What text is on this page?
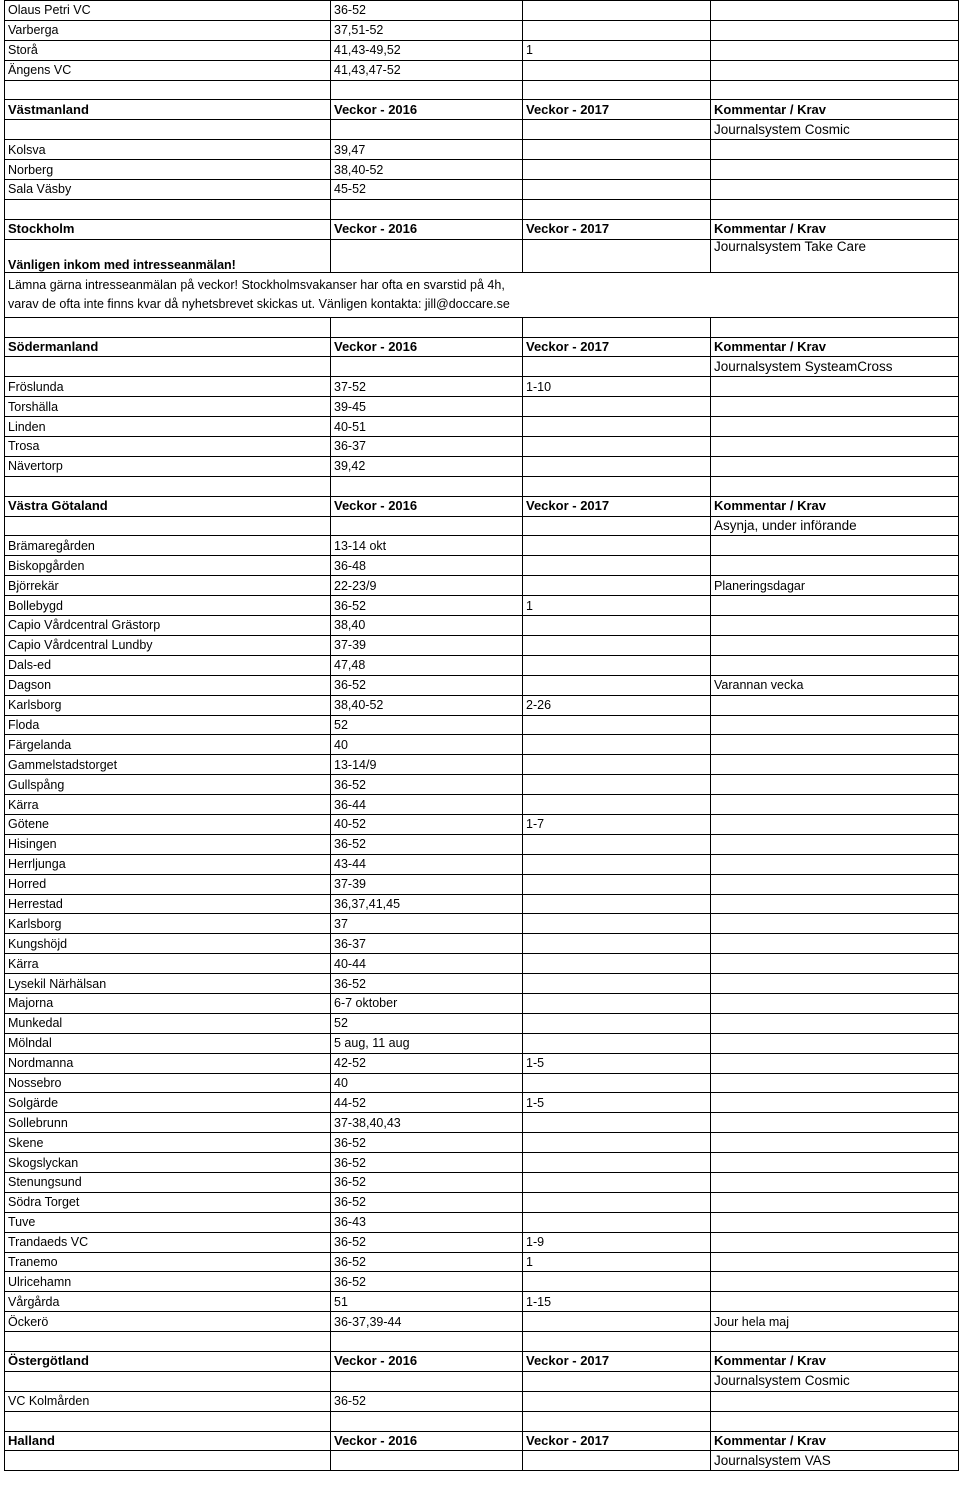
Olaus Petri VC	36-52		
Varberga	37,51-52		
Storå	41,43-49,52	1	
Ängens VC	41,43,47-52		

Västmanland	Veckor - 2016	Veckor - 2017	Kommentar / Krav
			Journalsystem Cosmic
Kolsva	39,47		
Norberg	38,40-52		
Sala Väsby	45-52		

Stockholm	Veckor - 2016	Veckor - 2017	Kommentar / Krav
Vänligen inkom med intresseanmälan!			Journalsystem Take Care

Lämna gärna intresseanmälan på veckor! Stockholmsvakanser har ofta en svarstid på 4h,
varav de ofta inte finns kvar då nyhetsbrevet skickas ut. Vänligen kontakta: jill@doccare.se			

Södermanland	Veckor - 2016	Veckor - 2017	Kommentar / Krav
			Journalsystem SysteamCross
Fröslunda	37-52	1-10	
Torshälla	39-45		
Linden	40-51		
Trosa	36-37		
Nävertorp	39,42		

Västra Götaland	Veckor - 2016	Veckor - 2017	Kommentar / Krav
			Asynja, under införande
Brämaregården	13-14 okt		
Biskopgården	36-48		
Björrekär	22-23/9		Planeringsdagar
Bollebygd	36-52	1	
Capio Vårdcentral Grästorp	38,40		
Capio Vårdcentral Lundby	37-39		
Dals-ed	47,48		
Dagson	36-52		Varannan vecka
Karlsborg	38,40-52	2-26	
Floda	52		
Färgelanda	40		
Gammelstadstorget	13-14/9		
Gullspång	36-52		
Kärra	36-44		
Götene	40-52	1-7	
Hisingen	36-52		
Herrljunga	43-44		
Horred	37-39		
Herrestad	36,37,41,45		
Karlsborg	37		
Kungshöjd	36-37		
Kärra	40-44		
Lysekil Närhälsan	36-52		
Majorna	6-7 oktober		
Munkedal	52		
Mölndal	5 aug, 11 aug		
Nordmanna	42-52	1-5	
Nossebro	40		
Solgärde	44-52	1-5	
Sollebrunn	37-38,40,43		
Skene	36-52		
Skogslyckan	36-52		
Stenungsund	36-52		
Södra Torget	36-52		
Tuve	36-43		
Trandaeds VC	36-52	1-9	
Tranemo	36-52	1	
Ulricehamn	36-52		
Vårgårda	51	1-15	
Öckerö	36-37,39-44		Jour hela maj

Östergötland	Veckor - 2016	Veckor - 2017	Kommentar / Krav
			Journalsystem Cosmic
VC Kolmården	36-52		

Halland	Veckor - 2016	Veckor - 2017	Kommentar / Krav
			Journalsystem VAS
